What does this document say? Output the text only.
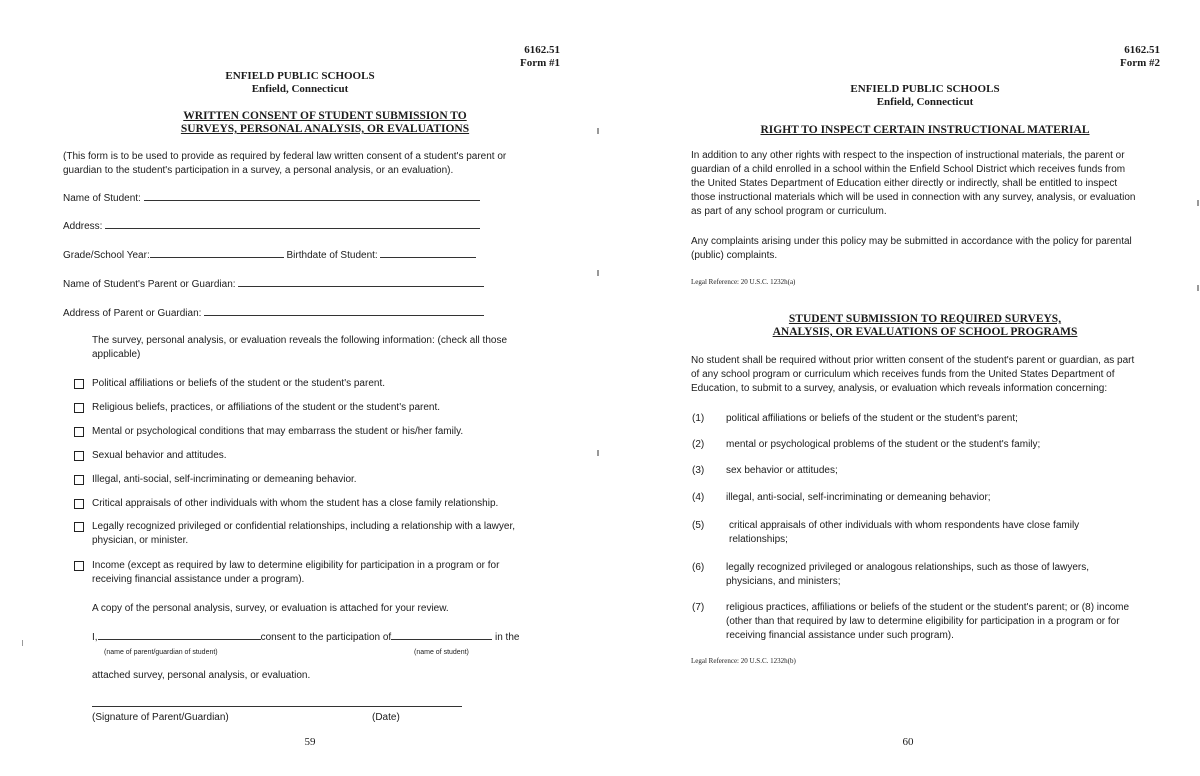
6162.51
Form #1
ENFIELD PUBLIC SCHOOLS
Enfield, Connecticut
WRITTEN CONSENT OF STUDENT SUBMISSION TO
SURVEYS, PERSONAL ANALYSIS, OR EVALUATIONS
(This form is to be used to provide as required by federal law written consent of a student's parent or
guardian to the student's participation in a survey, a personal analysis, or an evaluation).
Name of Student:
Address:
Grade/School Year:	Birthdate of Student:
Name of Student's Parent or Guardian:
Address of Parent or Guardian:
The survey, personal analysis, or evaluation reveals the following information: (check all those
applicable)
Political affiliations or beliefs of the student or the student's parent.
Religious beliefs, practices, or affiliations of the student or the student's parent.
Mental or psychological conditions that may embarrass the student or his/her family.
Sexual behavior and attitudes.
Illegal, anti-social, self-incriminating or demeaning behavior.
Critical appraisals of other individuals with whom the student has a close family relationship.
Legally recognized privileged or confidential relationships, including a relationship with a lawyer,
physician, or minister.
Income (except as required by law to determine eligibility for participation in a program or for
receiving financial assistance under a program).
A copy of the personal analysis, survey, or evaluation is attached for your review.
I,	consent to the participation of	in the
(name of parent/guardian of student)	(name of student)
attached survey, personal analysis, or evaluation.
(Signature of Parent/Guardian)	(Date)
59
6162.51
Form #2
ENFIELD PUBLIC SCHOOLS
Enfield, Connecticut
RIGHT TO INSPECT CERTAIN INSTRUCTIONAL MATERIAL
In addition to any other rights with respect to the inspection of instructional materials, the parent or
guardian of a child enrolled in a school within the Enfield School District which receives funds from
the United States Department of Education either directly or indirectly, shall be entitled to inspect
those instructional materials which will be used in connection with any survey, analysis, or evaluation
as part of any school program or curriculum.
Any complaints arising under this policy may be submitted in accordance with the policy for parental
(public) complaints.
Legal Reference: 20 U.S.C. 1232h(a)
STUDENT SUBMISSION TO REQUIRED SURVEYS,
ANALYSIS, OR EVALUATIONS OF SCHOOL PROGRAMS
No student shall be required without prior written consent of the student's parent or guardian, as part
of any school program or curriculum which receives funds from the United States Department of
Education, to submit to a survey, analysis, or evaluation which reveals information concerning:
(1)	political affiliations or beliefs of the student or the student's parent;
(2)	mental or psychological problems of the student or the student's family;
(3)	sex behavior or attitudes;
(4)	illegal, anti-social, self-incriminating or demeaning behavior;
(5)	critical appraisals of other individuals with whom respondents have close family
relationships;
(6)	legally recognized privileged or analogous relationships, such as those of lawyers,
physicians, and ministers;
(7)	religious practices, affiliations or beliefs of the student or the student's parent; or (8) income
(other than that required by law to determine eligibility for participation in a program or for
receiving financial assistance under such program).
Legal Reference: 20 U.S.C. 1232h(b)
60
